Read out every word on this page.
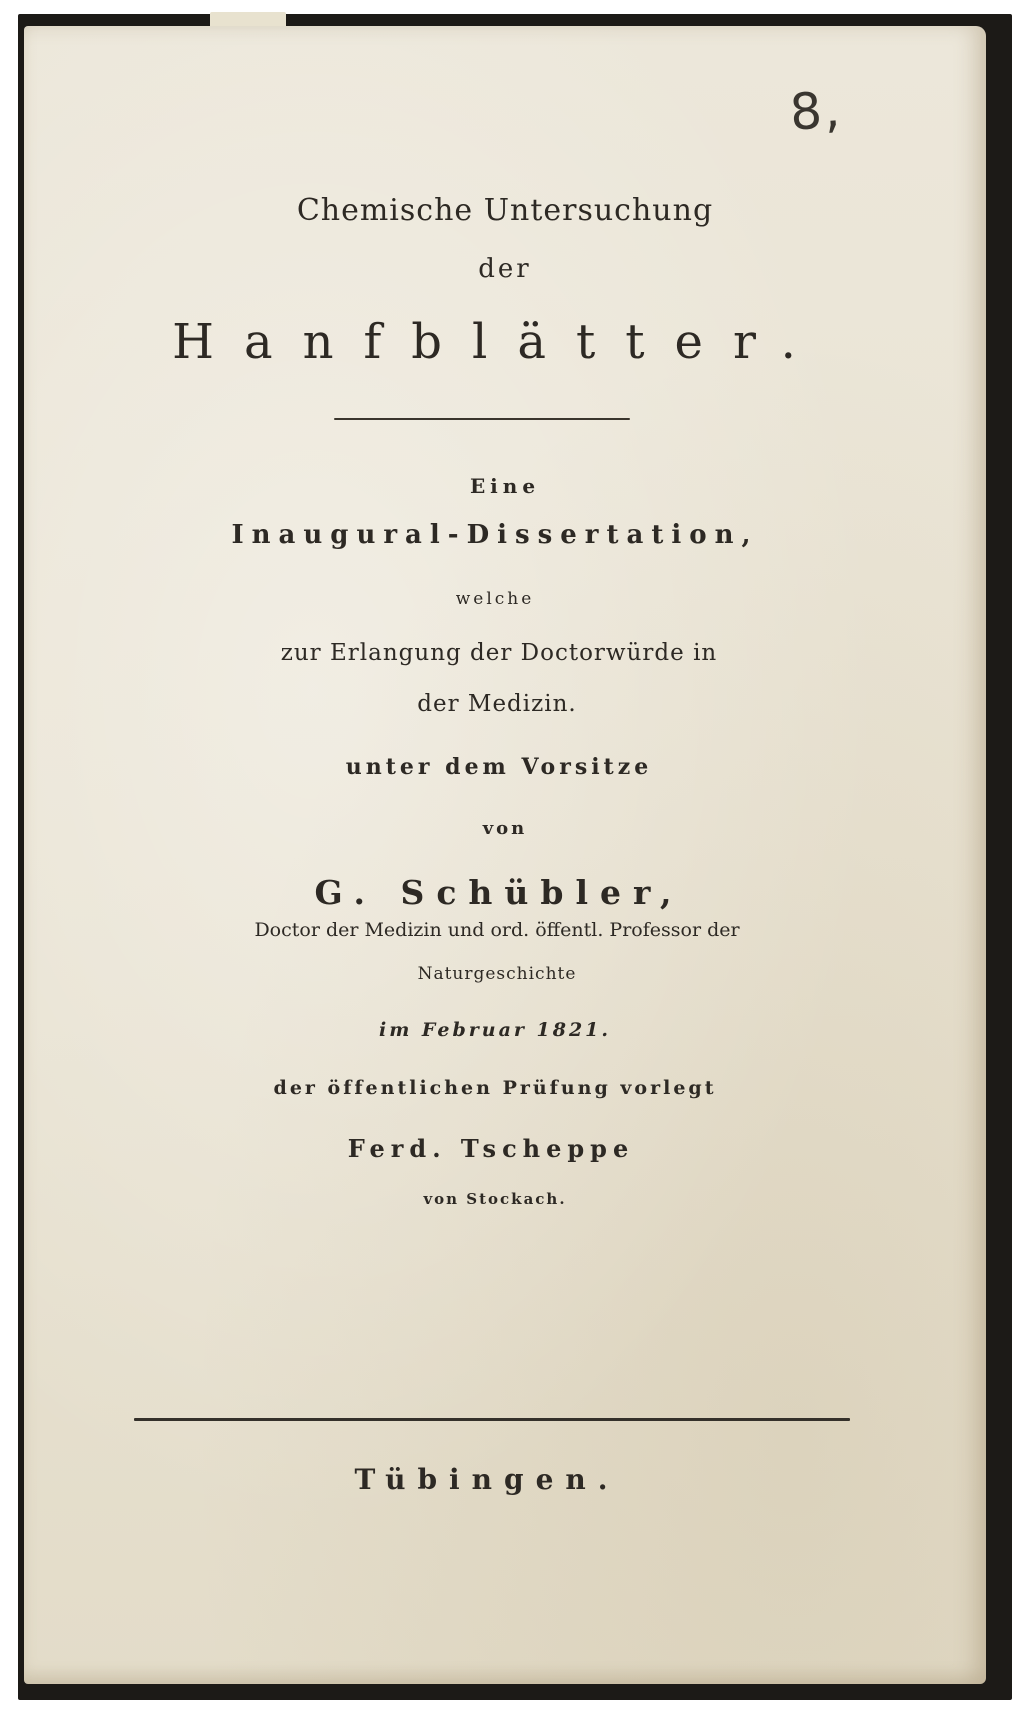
8,
Chemische Untersuchung
der
Hanfblätter.
Eine
Inaugural-Dissertation,
welche
zur Erlangung der Doctorwürde in
der Medizin.
unter dem Vorsitze
von
G. Schübler,
Doctor der Medizin und ord. öffentl. Professor der
Naturgeschichte
im Februar 1821.
der öffentlichen Prüfung vorlegt
Ferd. Tscheppe
von Stockach.
Tübingen.
